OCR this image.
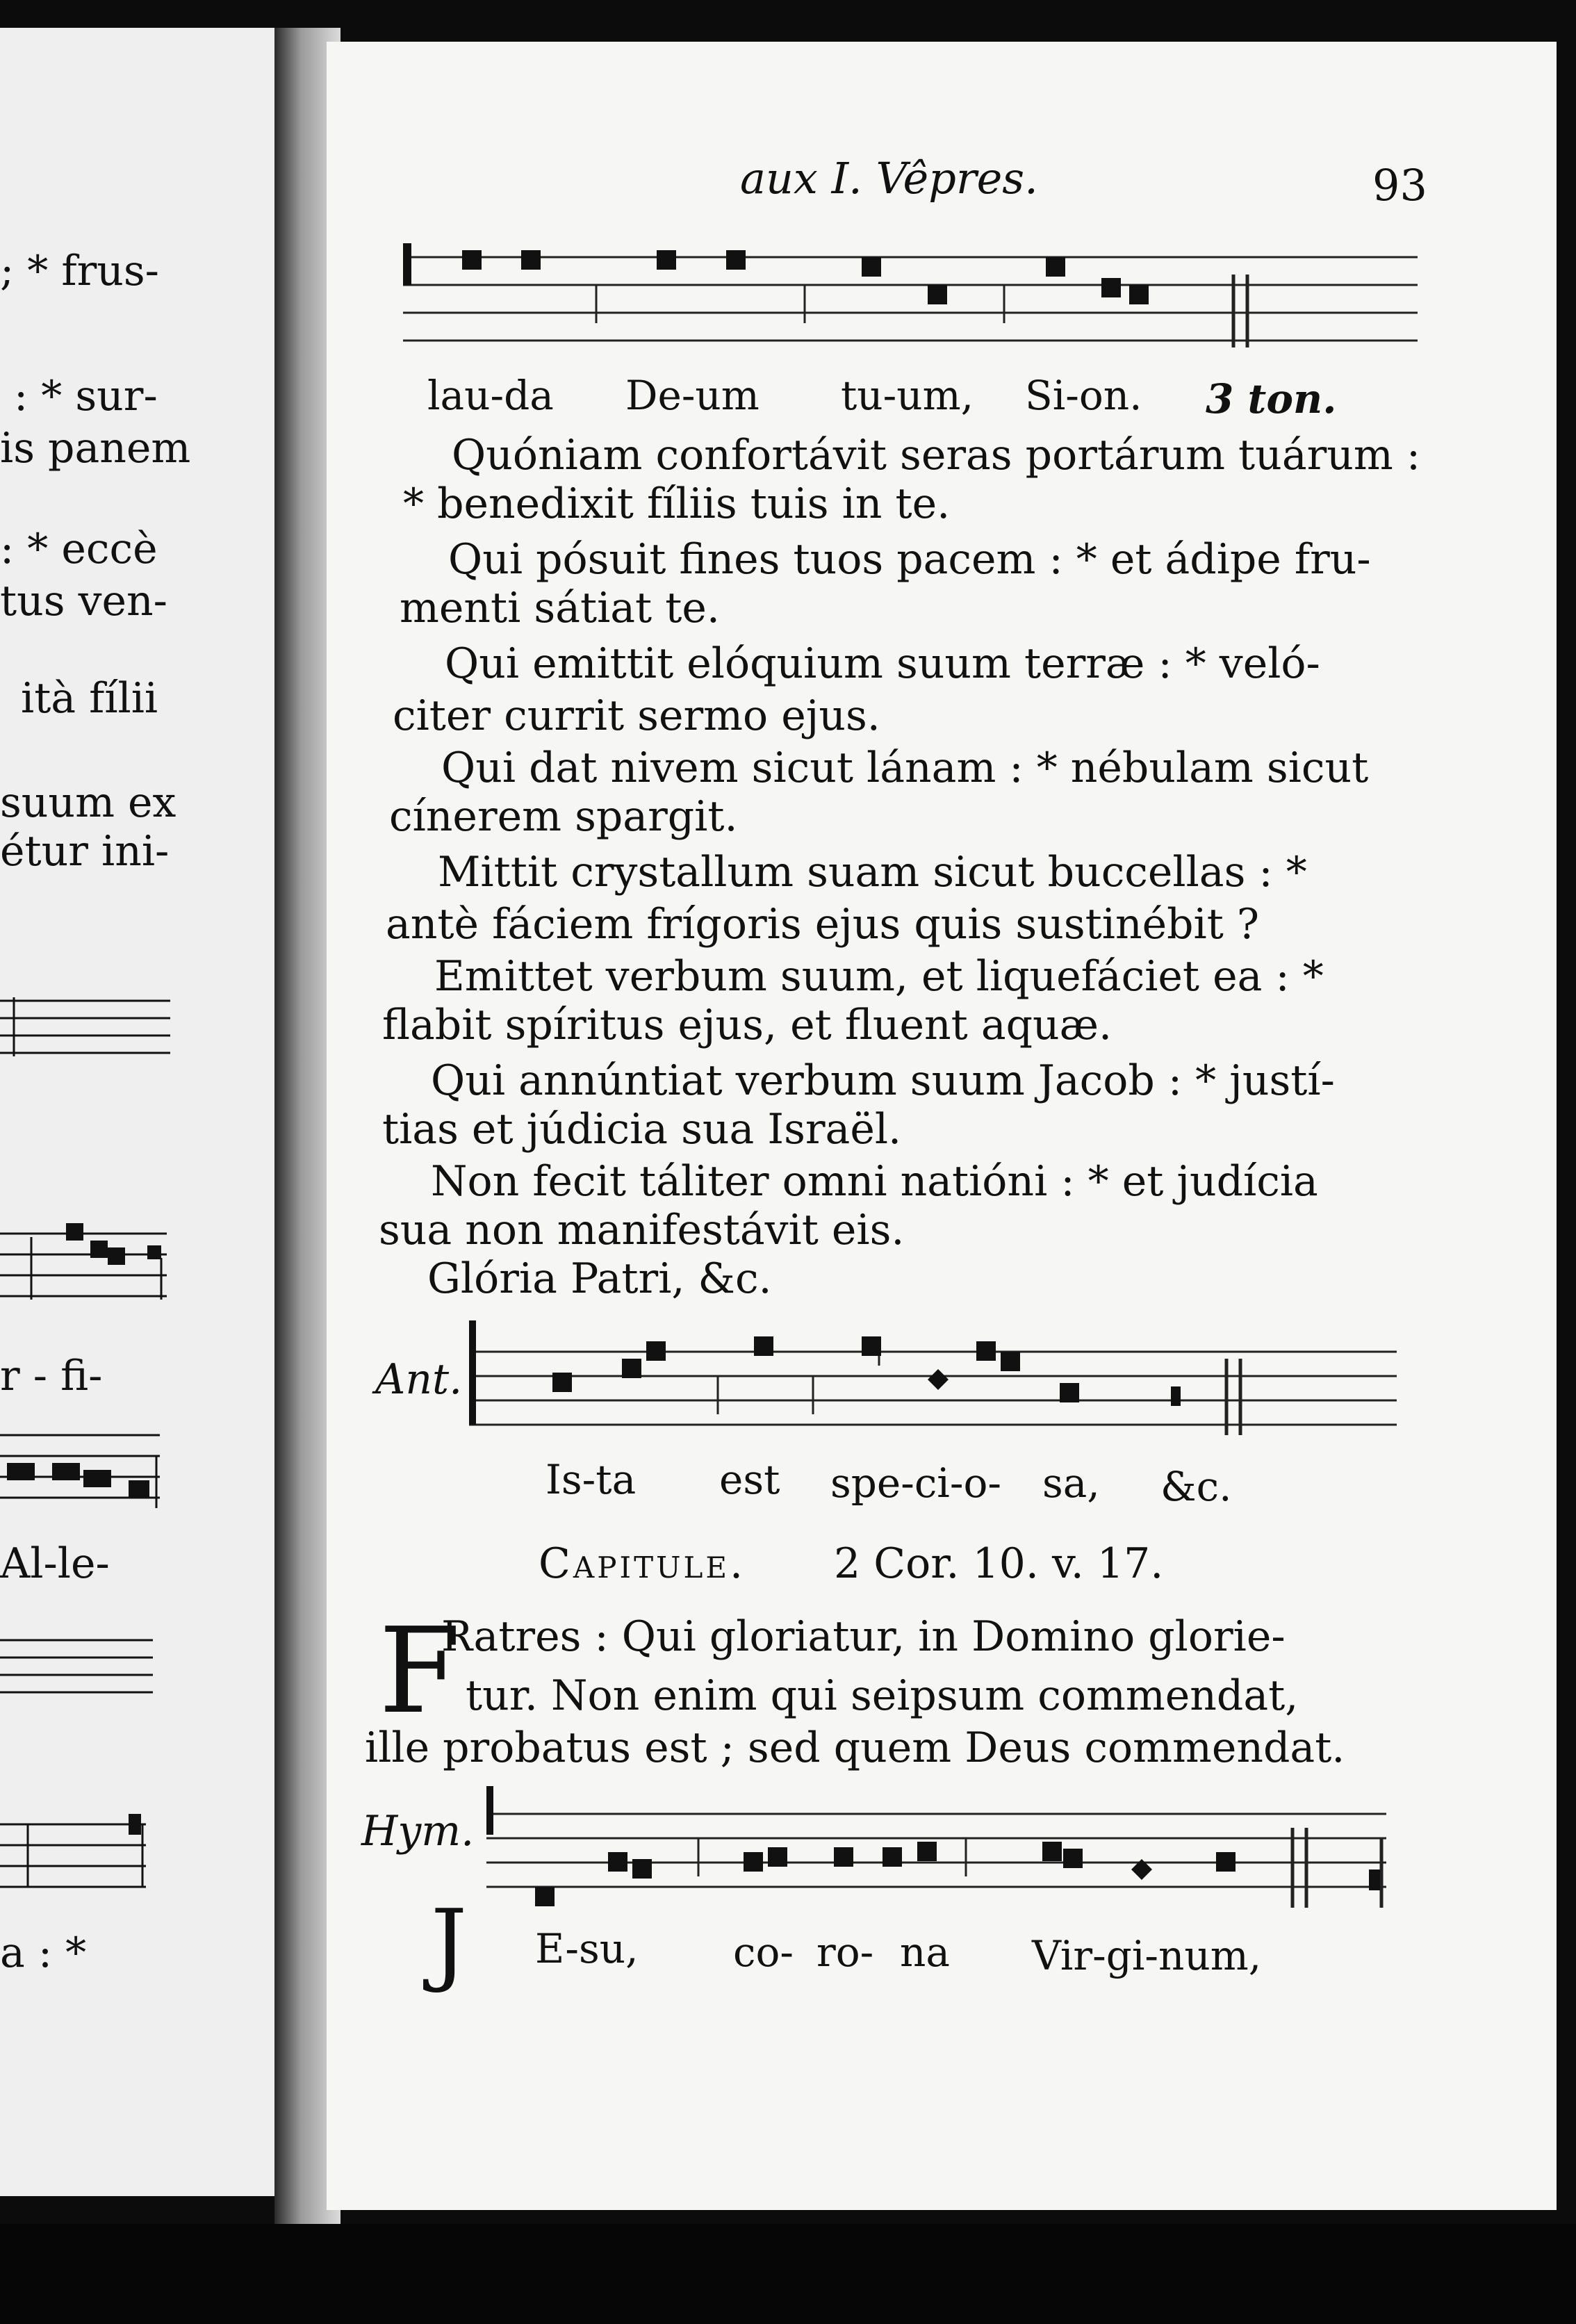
; * frus-
: * sur-
is panem
: * eccè
tus ven-
ità fílii
suum ex
étur ini-
r - fi-
Al-le-
a : *
aux I. Vêpres.	93
lau-da De-um tu-um, Si-on. 3 ton.
Quóniam confortávit seras portárum tuárum :
* benedixit fíliis tuis in te.
Qui pósuit fines tuos pacem : * et ádipe fru-
menti sátiat te.
Qui emittit elóquium suum terræ : * veló-
citer currit sermo ejus.
Qui dat nivem sicut lánam : * nébulam sicut
cínerem spargit.
Mittit crystallum suam sicut buccellas : *
antè fáciem frígoris ejus quis sustinébit ?
Emittet verbum suum, et liquefáciet ea : *
flabit spíritus ejus, et fluent aquæ.
Qui annúntiat verbum suum Jacob : * justí-
tias et júdicia sua Israël.
Non fecit táliter omni natióni : * et judícia
sua non manifestávit eis.
Glória Patri, &c.
Ant.
Is-ta est spe-ci-o- sa, &c.
Capitule. 2 Cor. 10. v. 17.
F
Ratres : Qui gloriatur, in Domino glorie-
tur. Non enim qui seipsum commendat,
ille probatus est ; sed quem Deus commendat.
Hym.
J E-su, co- ro- na Vir-gi-num,
